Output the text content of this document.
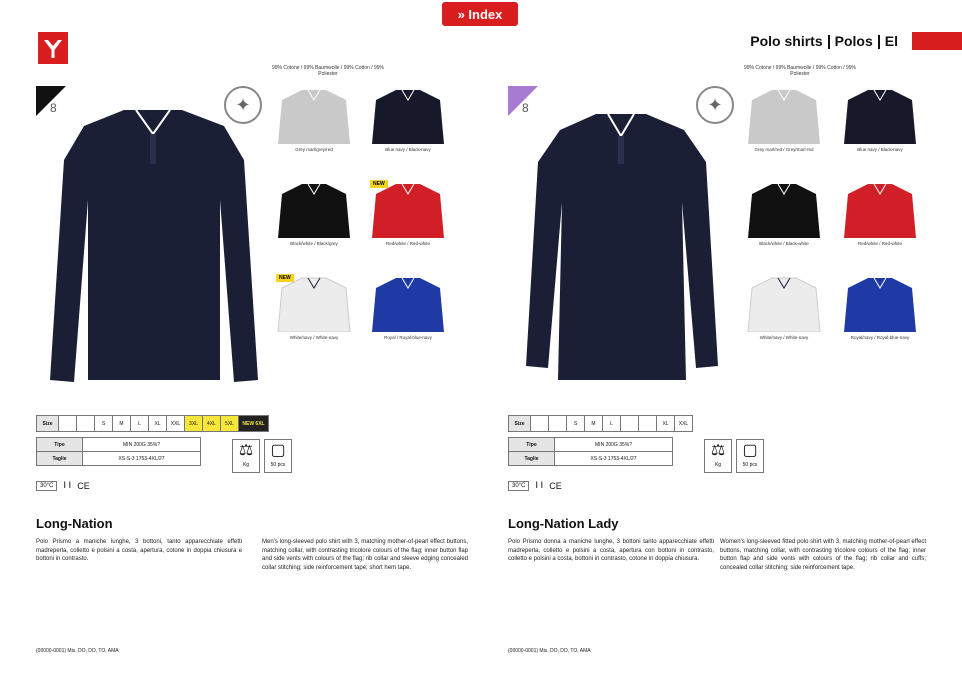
» Index
Polo shirts Polos El
8	✦
99% Cotone / 99% Baumwolle / 99% Cotton / 99% Poliester
Grey marl/grey/red	Blue navy / Black-navy
Black/white / Black/grey
NEW
Red/white / Red-white
NEW
White/navy / White-navy	Royal / Royal-blue-navy
Size			S	M	L	XL	XXL	3XL	4XL	5XL	NEW 6XL
Tipo	MIN 200G 35%?
Taglie	XS-S-3 1753-4XL/27	⚖
Kg
▢
50 pcs
30°C	Ⅰ Ⅰ CE
Long-Nation
Polo Prismo a maniche lunghe, 3 bottoni, tanto apparecchiate effetti madreperla, colletto e polsini a costa, apertura, cotone in doppia chiusura e bottoni in contrasto.
Men's long-sleeved polo shirt with 3, matching mother-of-pearl effect buttons, matching collar, with contrasting tricolore colours of the flag; inner button flap and side vents with colours of the flag; rib collar and sleeve edging concealed collar stitching; side reinforcement tape; short hem tape.
(00000-0001) Mis. DO, DO, TO, AMA
8	✦
99% Cotone / 99% Baumwolle / 99% Cotton / 99% Poliester
Grey marl/red / Grey/marl-red	Blue navy / Black-navy
Black/white / Black-white	Red/white / Red-white
White/navy / White-navy	Royal/navy / Royal-blue-navy
Size			S	M	L			XL	XXL
Tipo	MIN 200G 35%?
Taglie	XS-S-3 1753-4XL/27	⚖
Kg
▢
50 pcs
30°C	Ⅰ Ⅰ CE
Long-Nation Lady
Polo Prismo donna a maniche lunghe, 3 bottoni tanto apparecchiate effetti madreperla, colletto e polsini a costa, apertura con bottoni in contrasto, colletto e polsini a costa, bottoni in contrasto, cotone in doppia chiusura.
Women's long-sleeved fitted polo shirt with 3, matching mother-of-pearl effect buttons, matching collar, with contrasting tricolore colours of the flag; inner button flap and side vents with colours of the flag; rib collar and cuffs; concealed collar stitching; side reinforcement tape.
(00000-0001) Mis. DO, DO, TO, AMA
